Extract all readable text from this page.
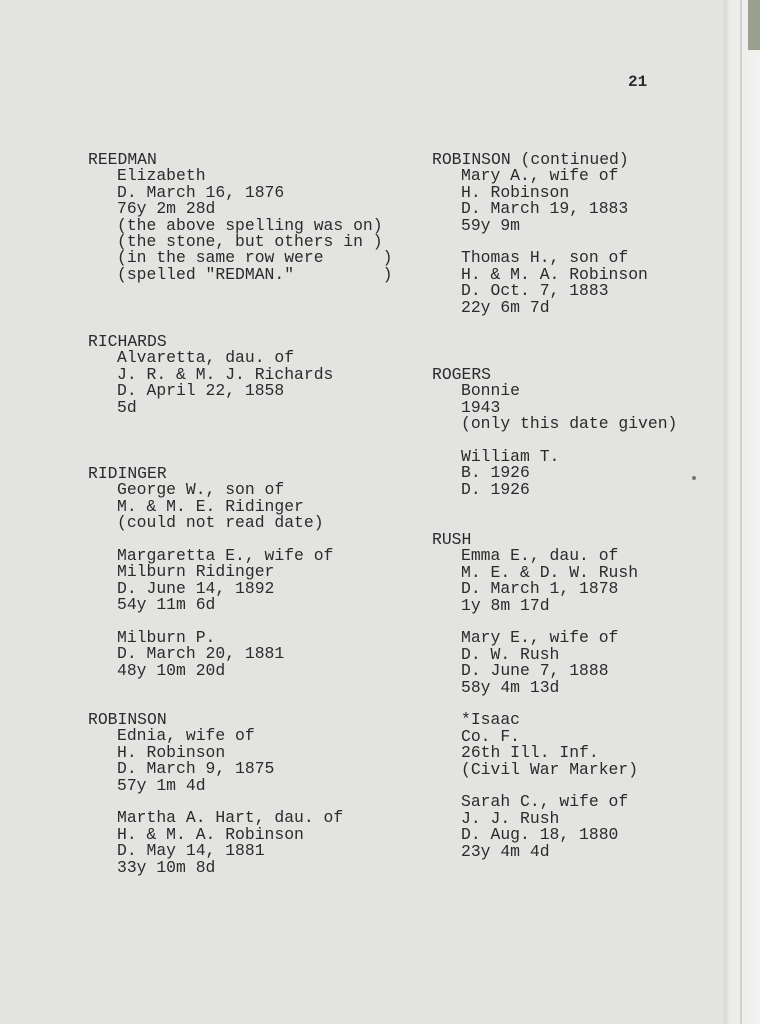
21
REEDMAN
Elizabeth
D. March 16, 1876
76y 2m 28d
(the above spelling was on)
(the stone, but others in )
(in the same row were      )
(spelled "REDMAN."         )
RICHARDS
Alvaretta, dau. of
J. R. & M. J. Richards
D. April 22, 1858
5d
RIDINGER
George W., son of
M. & M. E. Ridinger
(could not read date)
Margaretta E., wife of
Milburn Ridinger
D. June 14, 1892
54y 11m 6d
Milburn P.
D. March 20, 1881
48y 10m 20d
ROBINSON
Ednia, wife of
H. Robinson
D. March 9, 1875
57y 1m 4d
Martha A. Hart, dau. of
H. & M. A. Robinson
D. May 14, 1881
33y 10m 8d
ROBINSON (continued)
Mary A., wife of
H. Robinson
D. March 19, 1883
59y 9m
Thomas H., son of
H. & M. A. Robinson
D. Oct. 7, 1883
22y 6m 7d
ROGERS
Bonnie
1943
(only this date given)
William T.
B. 1926
D. 1926
RUSH
Emma E., dau. of
M. E. & D. W. Rush
D. March 1, 1878
1y 8m 17d
Mary E., wife of
D. W. Rush
D. June 7, 1888
58y 4m 13d
*Isaac
Co. F.
26th Ill. Inf.
(Civil War Marker)
Sarah C., wife of
J. J. Rush
D. Aug. 18, 1880
23y 4m 4d
